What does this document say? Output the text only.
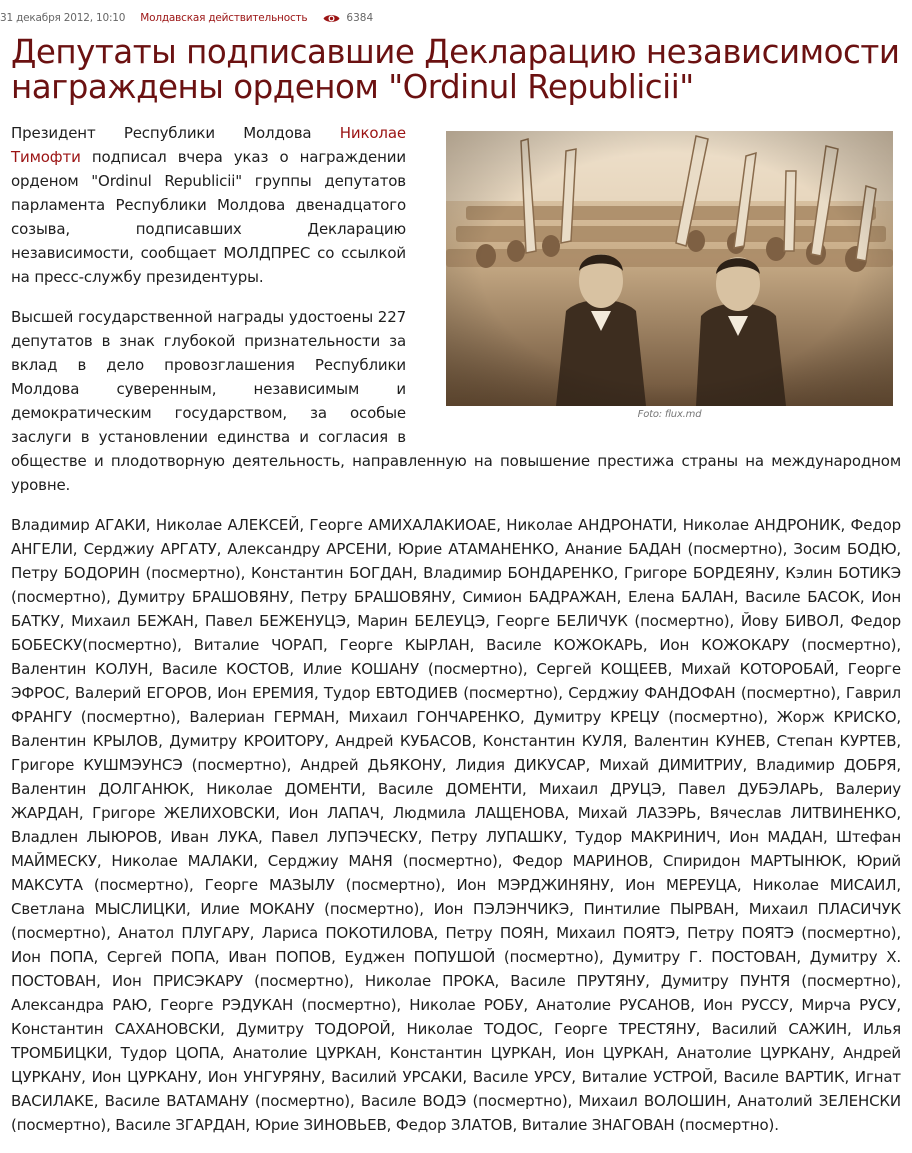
31 декабря 2012, 10:10 Молдавская действительность	6384
Депутаты подписавшие Декларацию независимости награждены орденом "Ordinul Republicii"
Foto: flux.md

Президент Республики Молдова Николае Тимофти подписал вчера указ о награждении орденом "Ordinul Republicii" группы депутатов парламента Республики Молдова двенадцатого созыва, подписавших Декларацию независимости, сообщает МОЛДПРЕС со ссылкой на пресс-службу президентуры.

Высшей государственной награды удостоены 227 депутатов в знак глубокой признательности за вклад в дело провозглашения Республики Молдова суверенным, независимым и демократическим государством, за особые заслуги в установлении единства и согласия в обществе и плодотворную деятельность, направленную на повышение престижа страны на международном уровне.

Владимир АГАКИ, Николае АЛЕКСЕЙ, Георге АМИХАЛАКИОАЕ, Николае АНДРОНАТИ, Николае АНДРОНИК, Федор АНГЕЛИ, Серджиу АРГАТУ, Александру АРСЕНИ, Юрие АТАМАНЕНКО, Анание БАДАН (посмертно), Зосим БОДЮ, Петру БОДОРИН (посмертно), Константин БОГДАН, Владимир БОНДАРЕНКО, Григоре БОРДЕЯНУ, Кэлин БОТИКЭ (посмертно), Думитру БРАШОВЯНУ, Петру БРАШОВЯНУ, Симион БАДРАЖАН, Елена БАЛАН, Василе БАСОК, Ион БАТКУ, Михаил БЕЖАН, Павел БЕЖЕНУЦЭ, Марин БЕЛЕУЦЭ, Георге БЕЛИЧУК (посмертно), Йову БИВОЛ, Федор БОБЕСКУ(посмертно), Виталие ЧОРАП, Георге КЫРЛАН, Василе КОЖОКАРЬ, Ион КОЖОКАРУ (посмертно), Валентин КОЛУН, Василе КОСТОВ, Илие КОШАНУ (посмертно), Сергей КОЩЕЕВ, Михай КОТОРОБАЙ, Георге ЭФРОС, Валерий ЕГОРОВ, Ион ЕРЕМИЯ, Тудор ЕВТОДИЕВ (посмертно), Серджиу ФАНДОФАН (посмертно), Гаврил ФРАНГУ (посмертно), Валериан ГЕРМАН, Михаил ГОНЧАРЕНКО, Думитру КРЕЦУ (посмертно), Жорж КРИСКО, Валентин КРЫЛОВ, Думитру КРОИТОРУ, Андрей КУБАСОВ, Константин КУЛЯ, Валентин КУНЕВ, Степан КУРТЕВ, Григоре КУШМЭУНСЭ (посмертно), Андрей ДЬЯКОНУ, Лидия ДИКУСАР, Михай ДИМИТРИУ, Владимир ДОБРЯ, Валентин ДОЛГАНЮК, Николае ДОМЕНТИ, Василе ДОМЕНТИ, Михаил ДРУЦЭ, Павел ДУБЭЛАРЬ, Валериу ЖАРДАН, Григоре ЖЕЛИХОВСКИ, Ион ЛАПАЧ, Людмила ЛАЩЕНОВА, Михай ЛАЗЭРЬ, Вячеслав ЛИТВИНЕНКО, Владлен ЛЫЮРОВ, Иван ЛУКА, Павел ЛУПЭЧЕСКУ, Петру ЛУПАШКУ, Тудор МАКРИНИЧ, Ион МАДАН, Штефан МАЙМЕСКУ, Николае МАЛАКИ, Серджиу МАНЯ (посмертно), Федор МАРИНОВ, Спиридон МАРТЫНЮК, Юрий МАКСУТА (посмертно), Георге МАЗЫЛУ (посмертно), Ион МЭРДЖИНЯНУ, Ион МЕРЕУЦА, Николае МИСАИЛ, Светлана МЫСЛИЦКИ, Илие МОКАНУ (посмертно), Ион ПЭЛЭНЧИКЭ, Пинтилие ПЫРВАН, Михаил ПЛАСИЧУК (посмертно), Анатол ПЛУГАРУ, Лариса ПОКОТИЛОВА, Петру ПОЯН, Михаил ПОЯТЭ, Петру ПОЯТЭ (посмертно), Ион ПОПА, Сергей ПОПА, Иван ПОПОВ, Еуджен ПОПУШОЙ (посмертно), Думитру Г. ПОСТОВАН, Думитру Х. ПОСТОВАН, Ион ПРИСЭКАРУ (посмертно), Николае ПРОКА, Василе ПРУТЯНУ, Думитру ПУНТЯ (посмертно), Александра РАЮ, Георге РЭДУКАН (посмертно), Николае РОБУ, Анатолие РУСАНОВ, Ион РУССУ, Мирча РУСУ, Константин САХАНОВСКИ, Думитру ТОДОРОЙ, Николае ТОДОС, Георге ТРЕСТЯНУ, Василий САЖИН, Илья ТРОМБИЦКИ, Тудор ЦОПА, Анатолие ЦУРКАН, Константин ЦУРКАН, Ион ЦУРКАН, Анатолие ЦУРКАНУ, Андрей ЦУРКАНУ, Ион ЦУРКАНУ, Ион УНГУРЯНУ, Василий УРСАКИ, Василе УРСУ, Виталие УСТРОЙ, Василе ВАРТИК, Игнат ВАСИЛАКЕ, Василе ВАТАМАНУ (посмертно), Василе ВОДЭ (посмертно), Михаил ВОЛОШИН, Анатолий ЗЕЛЕНСКИ (посмертно), Василе ЗГАРДАН, Юрие ЗИНОВЬЕВ, Федор ЗЛАТОВ, Виталие ЗНАГОВАН (посмертно).
